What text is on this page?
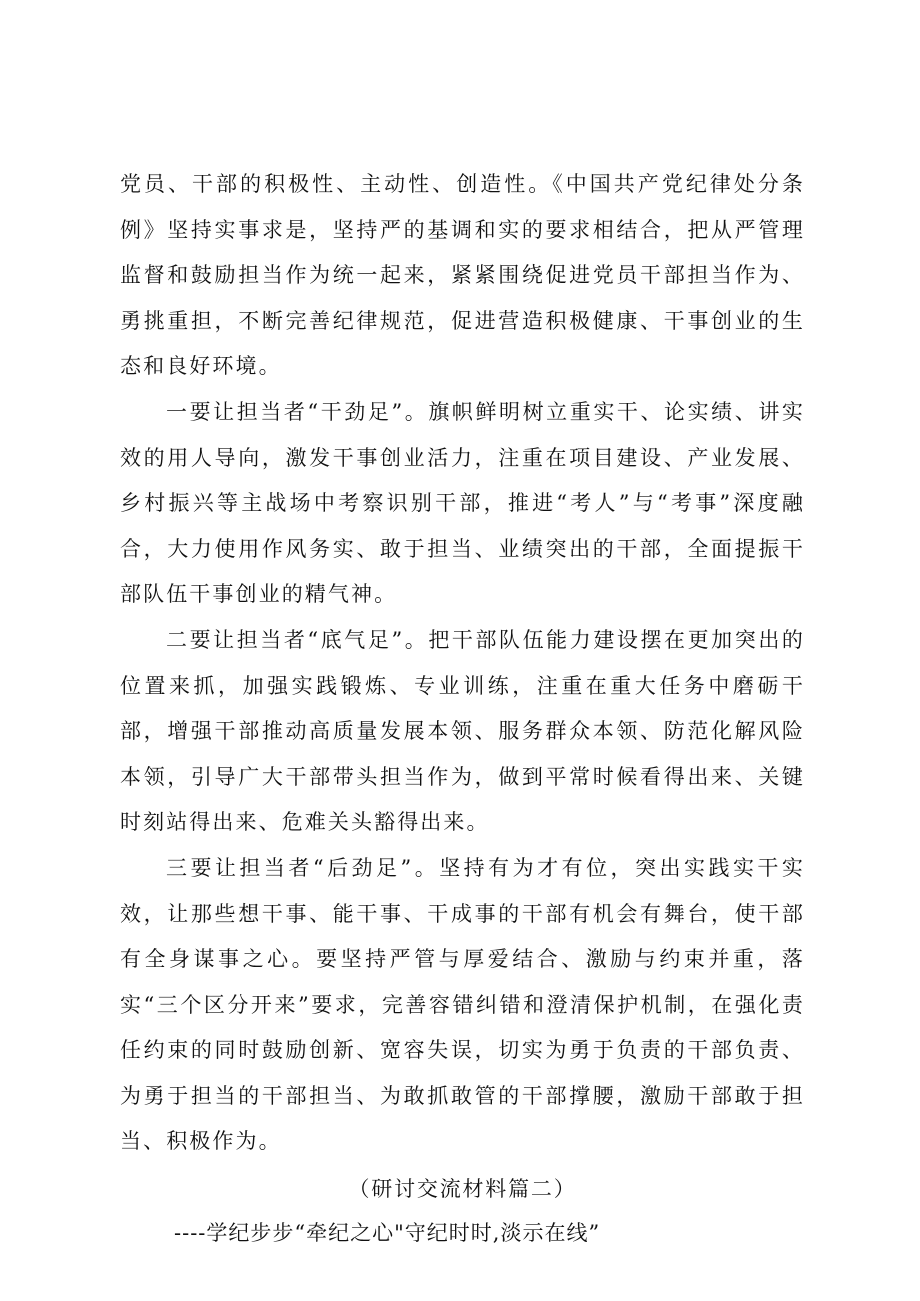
党员、干部的积极性、主动性、创造性。《中国共产党纪律处分条例》坚持实事求是，坚持严的基调和实的要求相结合，把从严管理监督和鼓励担当作为统一起来，紧紧围绕促进党员干部担当作为、勇挑重担，不断完善纪律规范，促进营造积极健康、干事创业的生态和良好环境。

一要让担当者“干劲足”。旗帜鲜明树立重实干、论实绩、讲实效的用人导向，激发干事创业活力，注重在项目建设、产业发展、乡村振兴等主战场中考察识别干部，推进“考人”与“考事”深度融合，大力使用作风务实、敢于担当、业绩突出的干部，全面提振干部队伍干事创业的精气神。

二要让担当者“底气足”。把干部队伍能力建设摆在更加突出的位置来抓，加强实践锻炼、专业训练，注重在重大任务中磨砺干部，增强干部推动高质量发展本领、服务群众本领、防范化解风险本领，引导广大干部带头担当作为，做到平常时候看得出来、关键时刻站得出来、危难关头豁得出来。

三要让担当者“后劲足”。坚持有为才有位，突出实践实干实效，让那些想干事、能干事、干成事的干部有机会有舞台，使干部有全身谋事之心。要坚持严管与厚爱结合、激励与约束并重，落实“三个区分开来”要求，完善容错纠错和澄清保护机制，在强化责任约束的同时鼓励创新、宽容失误，切实为勇于负责的干部负责、为勇于担当的干部担当、为敢抓敢管的干部撑腰，激励干部敢于担当、积极作为。

（研讨交流材料篇二）

----学纪步步“牵纪之心"守纪时时,淡示在线”
